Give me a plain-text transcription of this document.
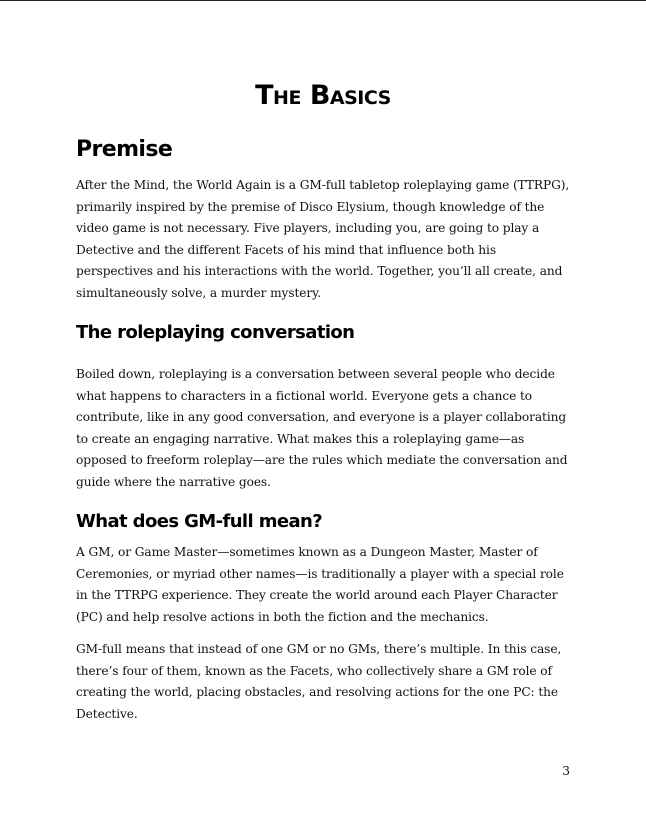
The Basics
Premise

After the Mind, the World Again is a GM-full tabletop roleplaying game (TTRPG), primarily inspired by the premise of Disco Elysium, though knowledge of the video game is not necessary. Five players, including you, are going to play a Detective and the different Facets of his mind that influence both his perspectives and his interactions with the world. Together, you’ll all create, and simultaneously solve, a murder mystery.

The roleplaying conversation

Boiled down, roleplaying is a conversation between several people who decide what happens to characters in a fictional world. Everyone gets a chance to contribute, like in any good conversation, and everyone is a player collaborating to create an engaging narrative. What makes this a roleplaying game—as opposed to freeform roleplay—are the rules which mediate the conversation and guide where the narrative goes.

What does GM-full mean?

A GM, or Game Master—sometimes known as a Dungeon Master, Master of Ceremonies, or myriad other names—is traditionally a player with a special role in the TTRPG experience. They create the world around each Player Character (PC) and help resolve actions in both the fiction and the mechanics.

GM-full means that instead of one GM or no GMs, there’s multiple. In this case, there’s four of them, known as the Facets, who collectively share a GM role of creating the world, placing obstacles, and resolving actions for the one PC: the Detective.

3
